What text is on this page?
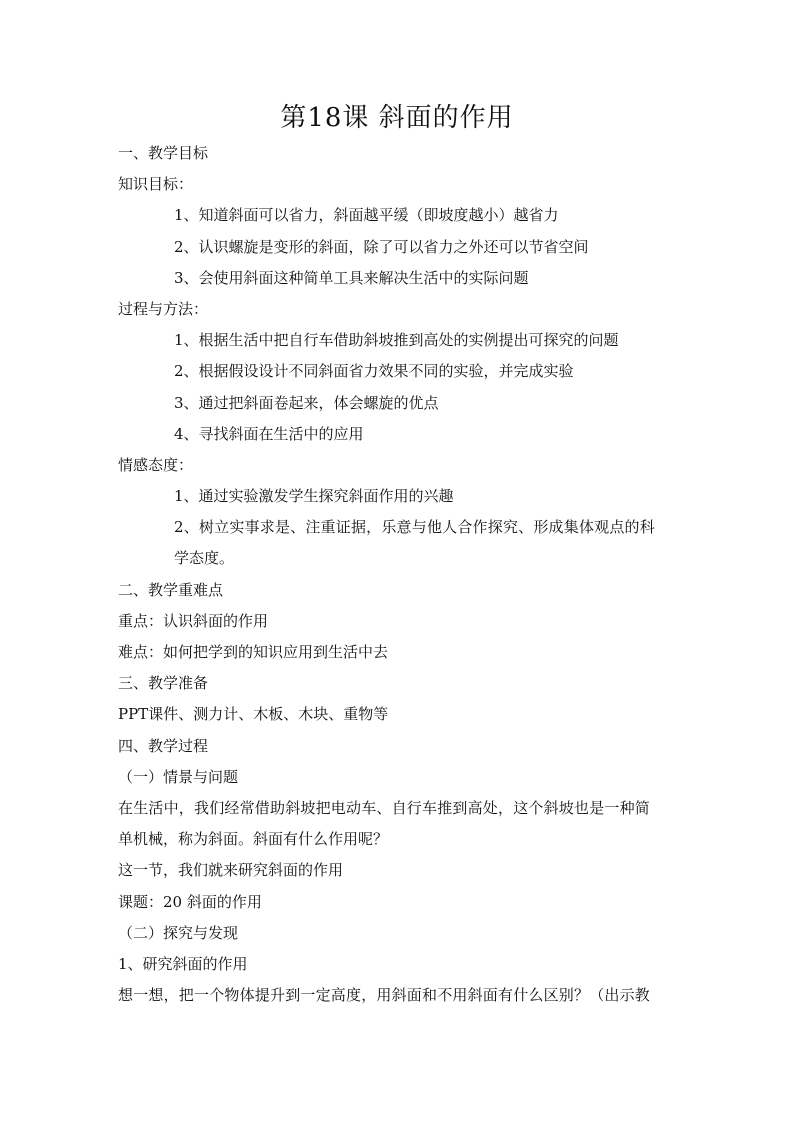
第18课 斜面的作用
一、教学目标
知识目标：
1、知道斜面可以省力，斜面越平缓（即坡度越小）越省力
2、认识螺旋是变形的斜面，除了可以省力之外还可以节省空间
3、会使用斜面这种简单工具来解决生活中的实际问题
过程与方法：
1、根据生活中把自行车借助斜坡推到高处的实例提出可探究的问题
2、根据假设设计不同斜面省力效果不同的实验，并完成实验
3、通过把斜面卷起来，体会螺旋的优点
4、寻找斜面在生活中的应用
情感态度：
1、通过实验激发学生探究斜面作用的兴趣
2、树立实事求是、注重证据，乐意与他人合作探究、形成集体观点的科
学态度。
二、教学重难点
重点：认识斜面的作用
难点：如何把学到的知识应用到生活中去
三、教学准备
PPT课件、测力计、木板、木块、重物等
四、教学过程
（一）情景与问题
在生活中，我们经常借助斜坡把电动车、自行车推到高处，这个斜坡也是一种简
单机械，称为斜面。斜面有什么作用呢？
这一节，我们就来研究斜面的作用
课题：20 斜面的作用
（二）探究与发现
1、研究斜面的作用
想一想，把一个物体提升到一定高度，用斜面和不用斜面有什么区别？（出示教
